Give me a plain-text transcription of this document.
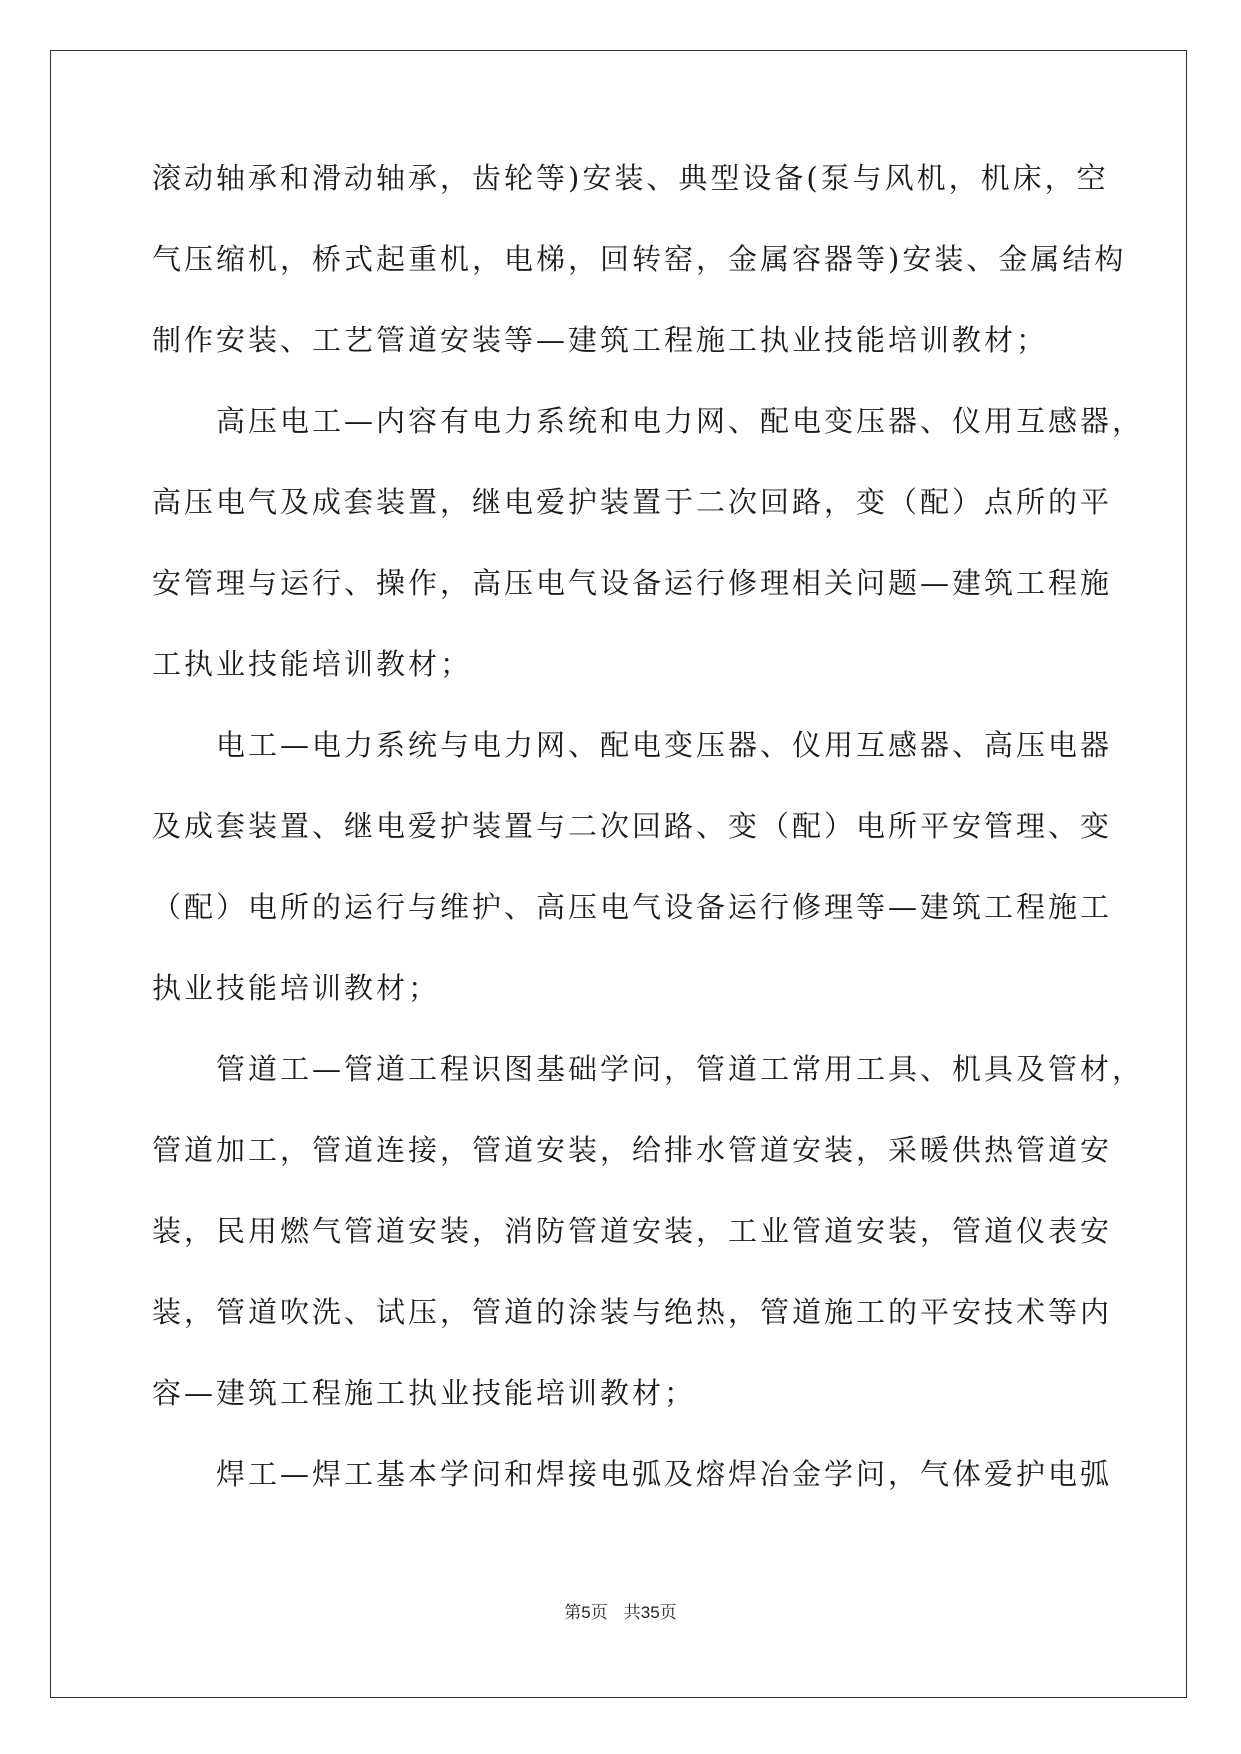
滚动轴承和滑动轴承，齿轮等)安装、典型设备(泵与风机，机床，空
气压缩机，桥式起重机，电梯，回转窑，金属容器等)安装、金属结构
制作安装、工艺管道安装等—建筑工程施工执业技能培训教材；
高压电工—内容有电力系统和电力网、配电变压器、仪用互感器，
高压电气及成套装置，继电爱护装置于二次回路，变（配）点所的平
安管理与运行、操作，高压电气设备运行修理相关问题—建筑工程施
工执业技能培训教材；
电工—电力系统与电力网、配电变压器、仪用互感器、高压电器
及成套装置、继电爱护装置与二次回路、变（配）电所平安管理、变
（配）电所的运行与维护、高压电气设备运行修理等—建筑工程施工
执业技能培训教材；
管道工—管道工程识图基础学问，管道工常用工具、机具及管材，
管道加工，管道连接，管道安装，给排水管道安装，采暖供热管道安
装，民用燃气管道安装，消防管道安装，工业管道安装，管道仪表安
装，管道吹洗、试压，管道的涂装与绝热，管道施工的平安技术等内
容—建筑工程施工执业技能培训教材；
焊工—焊工基本学问和焊接电弧及熔焊冶金学问，气体爱护电弧
第5页 共35页
